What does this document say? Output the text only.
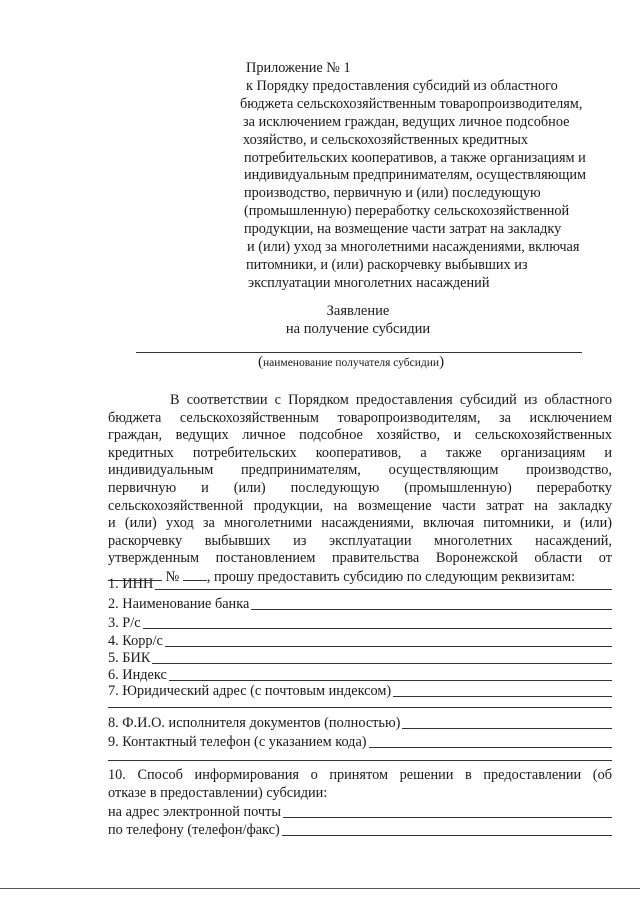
Приложение № 1
к Порядку предоставления субсидий из областного
бюджета сельскохозяйственным товаропроизводителям,
за исключением граждан, ведущих личное подсобное
хозяйство, и сельскохозяйственных кредитных
потребительских кооперативов, а также организациям и
индивидуальным предпринимателям, осуществляющим
производство, первичную и (или) последующую
(промышленную) переработку сельскохозяйственной
продукции, на возмещение части затрат на закладку
и (или) уход за многолетними насаждениями, включая
питомники, и (или) раскорчевку выбывших из
эксплуатации многолетних насаждений
Заявление
на получение субсидии
(наименование получателя субсидии)
В соответствии с Порядком предоставления субсидий из областного
бюджета сельскохозяйственным товаропроизводителям, за исключением
граждан, ведущих личное подсобное хозяйство, и сельскохозяйственных
кредитных потребительских кооперативов, а также организациям и
индивидуальным предпринимателям, осуществляющим производство,
первичную и (или) последующую (промышленную) переработку
сельскохозяйственной продукции, на возмещение части затрат на закладку
и (или) уход за многолетними насаждениями, включая питомники, и (или)
раскорчевку выбывших из эксплуатации многолетних насаждений,
утвержденным постановлением правительства Воронежской области от
№ , прошу предоставить субсидию по следующим реквизитам:
1. ИНН
2. Наименование банка
3. Р/с
4. Корр/с
5. БИК
6. Индекс
7. Юридический адрес (с почтовым индексом)
8. Ф.И.О. исполнителя документов (полностью)
9. Контактный телефон (с указанием кода)
10. Способ информирования о принятом решении в предоставлении (об
отказе в предоставлении) субсидии:
на адрес электронной почты
по телефону (телефон/факс)
